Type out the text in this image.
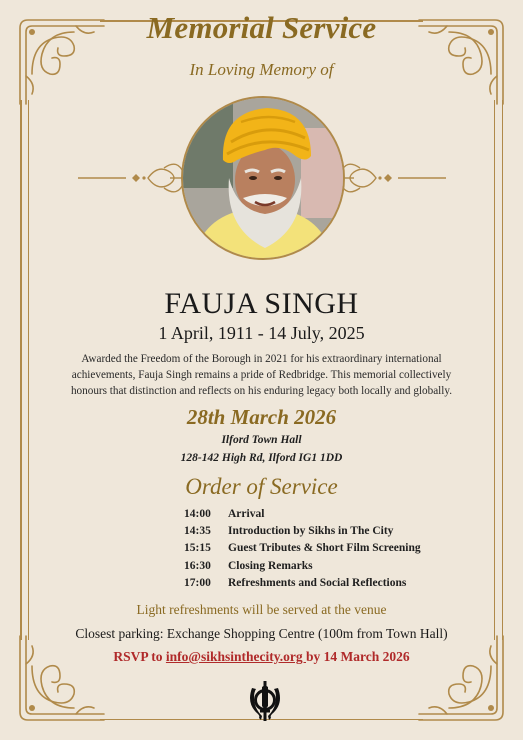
Memorial Service
In Loving Memory of
FAUJA SINGH
1 April, 1911 - 14 July, 2025
Awarded the Freedom of the Borough in 2021 for his extraordinary international achievements, Fauja Singh remains a pride of Redbridge. This memorial collectively honours that distinction and reflects on his enduring legacy both locally and globally.
28th March 2026
Ilford Town Hall
128-142 High Rd, Ilford IG1 1DD
Order of Service
14:00	Arrival
14:35	Introduction by Sikhs in The City
15:15	Guest Tributes & Short Film Screening
16:30	Closing Remarks
17:00	Refreshments and Social Reflections
Light refreshments will be served at the venue
Closest parking: Exchange Shopping Centre (100m from Town Hall)
RSVP to info@sikhsinthecity.org by 14 March 2026
